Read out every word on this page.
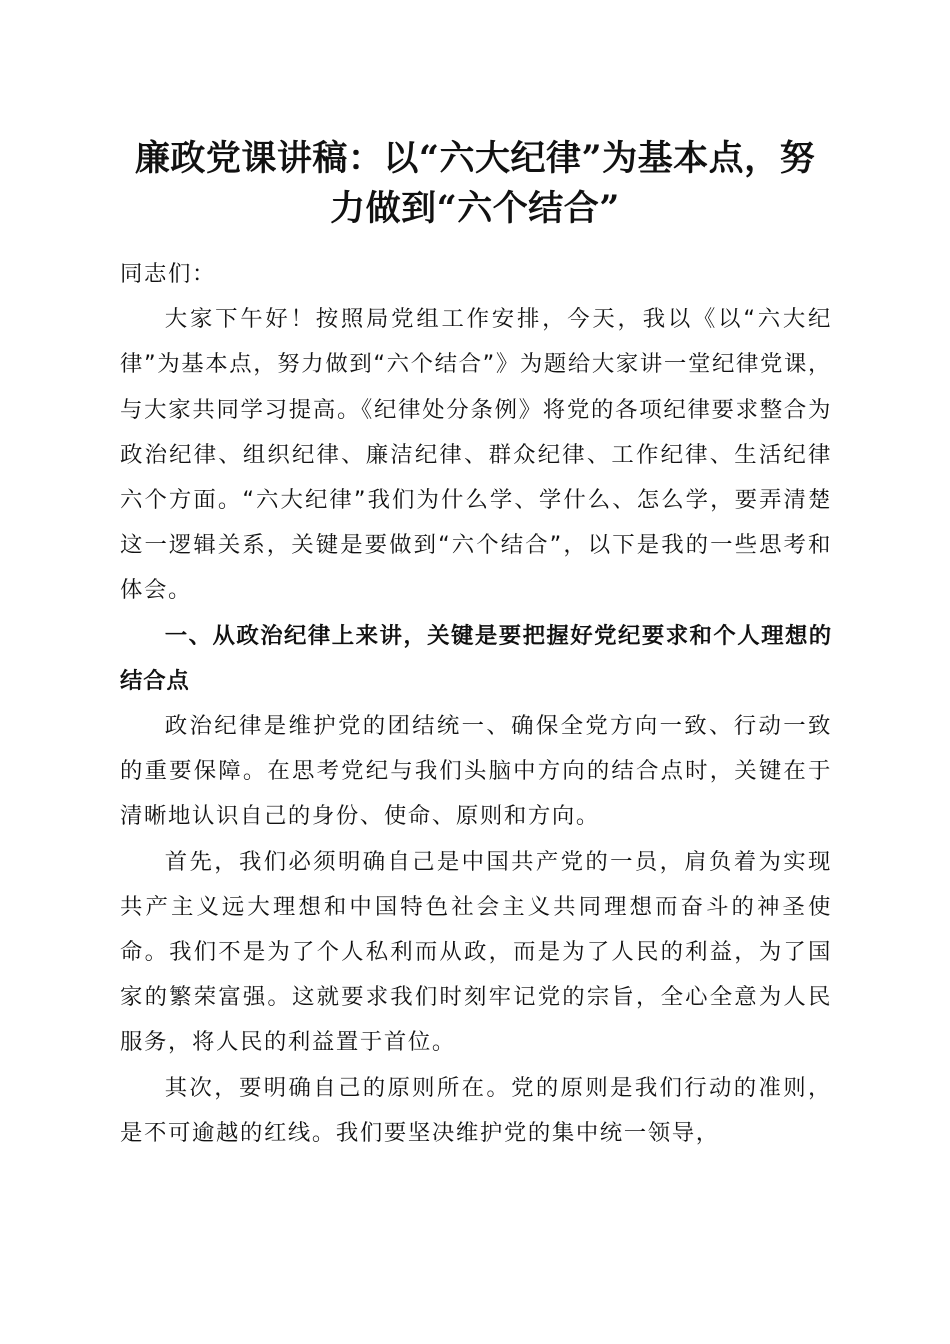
廉政党课讲稿：以“六大纪律”为基本点，努
力做到“六个结合”

同志们：

大家下午好！按照局党组工作安排，今天，我以《以“六大纪律”为基本点，努力做到“六个结合”》为题给大家讲一堂纪律党课，与大家共同学习提高。《纪律处分条例》将党的各项纪律要求整合为政治纪律、组织纪律、廉洁纪律、群众纪律、工作纪律、生活纪律六个方面。“六大纪律”我们为什么学、学什么、怎么学，要弄清楚这一逻辑关系，关键是要做到“六个结合”，以下是我的一些思考和体会。

一、从政治纪律上来讲，关键是要把握好党纪要求和个人理想的结合点

政治纪律是维护党的团结统一、确保全党方向一致、行动一致的重要保障。在思考党纪与我们头脑中方向的结合点时，关键在于清晰地认识自己的身份、使命、原则和方向。

首先，我们必须明确自己是中国共产党的一员，肩负着为实现共产主义远大理想和中国特色社会主义共同理想而奋斗的神圣使命。我们不是为了个人私利而从政，而是为了人民的利益，为了国家的繁荣富强。这就要求我们时刻牢记党的宗旨，全心全意为人民服务，将人民的利益置于首位。

其次，要明确自己的原则所在。党的原则是我们行动的准则，是不可逾越的红线。我们要坚决维护党的集中统一领导，
